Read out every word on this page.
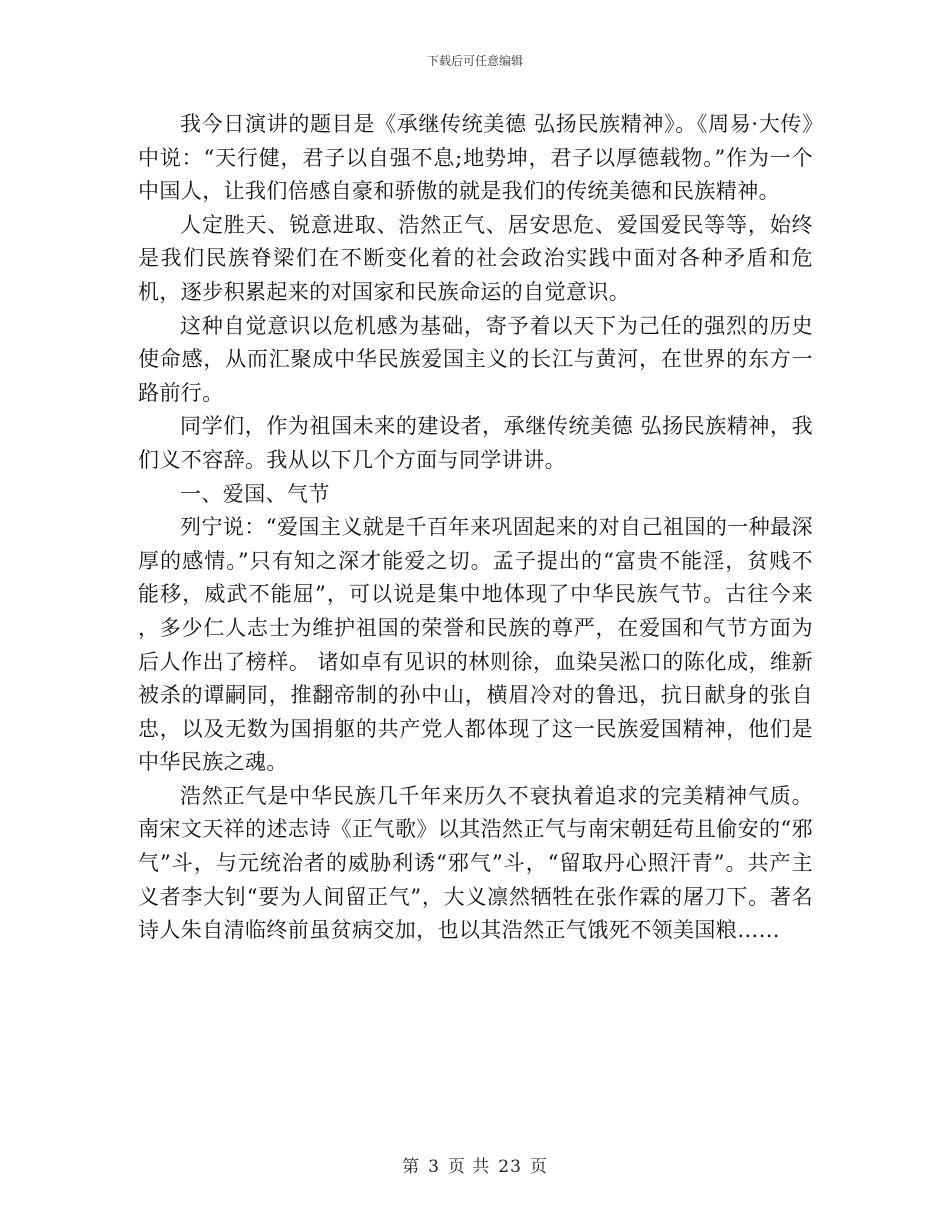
下载后可任意编辑

我今日演讲的题目是《承继传统美德 弘扬民族精神》。《周易·大传》中说：“天行健，君子以自强不息;地势坤，君子以厚德载物。”作为一个中国人，让我们倍感自豪和骄傲的就是我们的传统美德和民族精神。

人定胜天、锐意进取、浩然正气、居安思危、爱国爱民等等，始终是我们民族脊梁们在不断变化着的社会政治实践中面对各种矛盾和危机，逐步积累起来的对国家和民族命运的自觉意识。

这种自觉意识以危机感为基础，寄予着以天下为己任的强烈的历史使命感，从而汇聚成中华民族爱国主义的长江与黄河，在世界的东方一路前行。

同学们，作为祖国未来的建设者，承继传统美德 弘扬民族精神，我们义不容辞。我从以下几个方面与同学讲讲。

一、爱国、气节

列宁说：“爱国主义就是千百年来巩固起来的对自己祖国的一种最深厚的感情。”只有知之深才能爱之切。孟子提出的“富贵不能淫，贫贱不能移，威武不能屈”，可以说是集中地体现了中华民族气节。古往今来 ，多少仁人志士为维护祖国的荣誉和民族的尊严，在爱国和气节方面为后人作出了榜样。 诸如卓有见识的林则徐，血染吴淞口的陈化成，维新被杀的谭嗣同，推翻帝制的孙中山，横眉冷对的鲁迅，抗日献身的张自忠，以及无数为国捐躯的共产党人都体现了这一民族爱国精神，他们是中华民族之魂。

浩然正气是中华民族几千年来历久不衰执着追求的完美精神气质。南宋文天祥的述志诗《正气歌》以其浩然正气与南宋朝廷苟且偷安的“邪气”斗，与元统治者的威胁利诱“邪气”斗，“留取丹心照汗青”。共产主义者李大钊“要为人间留正气”，大义凛然牺牲在张作霖的屠刀下。著名诗人朱自清临终前虽贫病交加，也以其浩然正气饿死不领美国粮……

第 3 页 共 23 页
